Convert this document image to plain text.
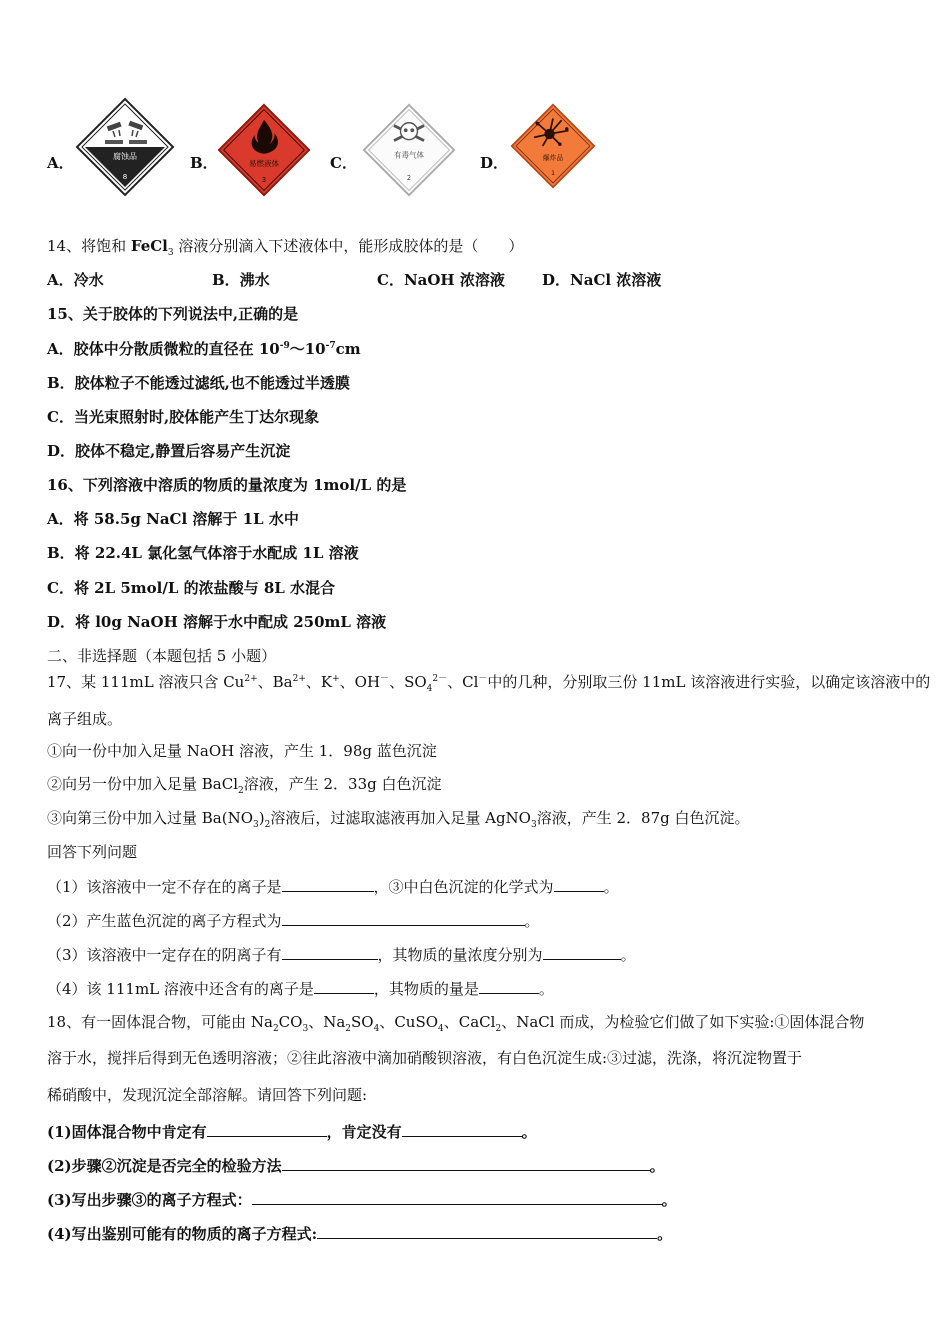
A．	腐蚀品
8
B．	易燃液体
3
C．	有毒气体
2
D．	爆炸品
1
14、将饱和 FeCl$_3$ 溶液分别滴入下述液体中，能形成胶体的是（　　）
A．冷水	B．沸水	C．NaOH 浓溶液 D．NaCl 浓溶液
15、关于胶体的下列说法中,正确的是
A．胶体中分散质微粒的直径在 $10^{-9}\sim 10^{-7}cm$
B．胶体粒子不能透过滤纸,也不能透过半透膜
C．当光束照射时,胶体能产生丁达尔现象
D．胶体不稳定,静置后容易产生沉淀
16、下列溶液中溶质的物质的量浓度为 1mol/L 的是
A．将 58.5g NaCl 溶解于 1L 水中
B．将 22.4L 氯化氢气体溶于水配成 1L 溶液
C．将 2L 5mol/L 的浓盐酸与 8L 水混合
D．将 l0g NaOH 溶解于水中配成 250mL 溶液
二、非选择题（本题包括 5 小题）
17、某 111mL 溶液只含 $Cu^{2+}$、$Ba^{2+}$、K+、OH－、$SO_4^{2-}$、Cl－中的几种，分别取三份 11mL 该溶液进行实验，以确定该溶液中的
离子组成。
①向一份中加入足量 NaOH 溶液，产生 1．98g 蓝色沉淀
②向另一份中加入足量 BaCl$_2$溶液，产生 2．33g 白色沉淀
③向第三份中加入过量 $Ba(NO_3)_2$溶液后，过滤取滤液再加入足量 AgNO$_3$溶液，产生 2．87g 白色沉淀。
回答下列问题
（1）该溶液中一定不存在的离子是	，③中白色沉淀的化学式为	。
（2）产生蓝色沉淀的离子方程式为	。
（3）该溶液中一定存在的阴离子有	，其物质的量浓度分别为	。
（4）该 111mL 溶液中还含有的离子是	，其物质的量是	。
18、有一固体混合物，可能由 $Na_2CO_3$、$Na_2SO_4$、CuSO$_4$、CaCl$_2$、NaCl 而成，为检验它们做了如下实验:①固体混合物
溶于水，搅拌后得到无色透明溶液；②往此溶液中滴加硝酸钡溶液，有白色沉淀生成:③过滤，洗涤，将沉淀物置于
稀硝酸中，发现沉淀全部溶解。请回答下列问题:
(1)固体混合物中肯定有	，肯定没有	。
(2)步骤②沉淀是否完全的检验方法	。
(3)写出步骤③的离子方程式：	。
(4)写出鉴别可能有的物质的离子方程式:	。
